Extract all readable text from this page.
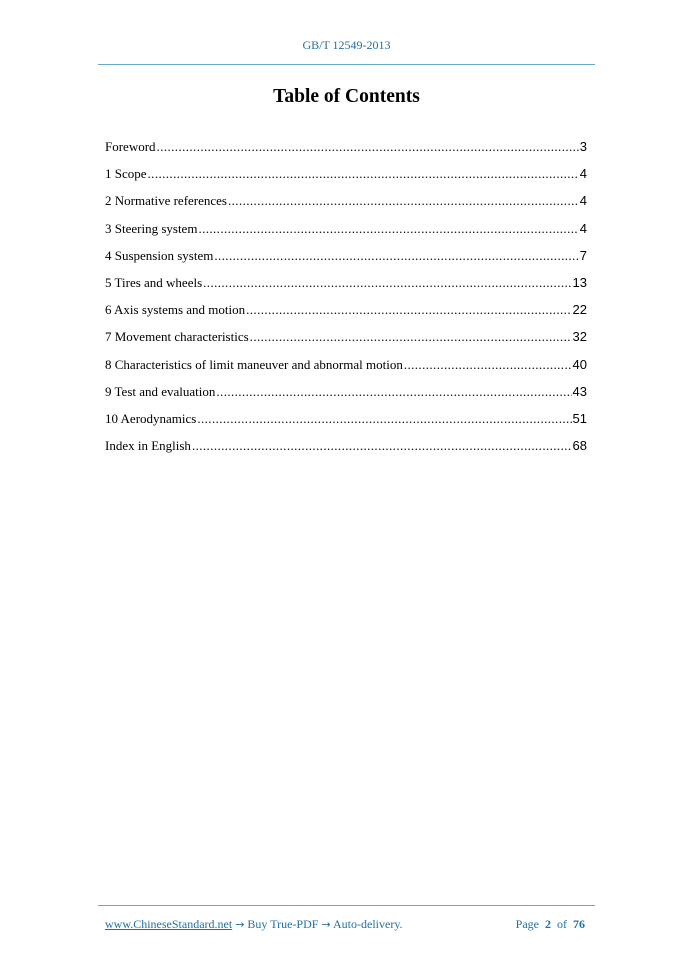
GB/T 12549-2013
Table of Contents
Foreword .....	3
1 Scope .....	4
2 Normative references .....	4
3 Steering system .....	4
4 Suspension system .....	7
5 Tires and wheels .....	13
6 Axis systems and motion .....	22
7 Movement characteristics .....	32
8 Characteristics of limit maneuver and abnormal motion .....	40
9 Test and evaluation .....	43
10 Aerodynamics .....	51
Index in English .....	68
www.ChineseStandard.net → Buy True-PDF → Auto-delivery.	Page 2 of 76
